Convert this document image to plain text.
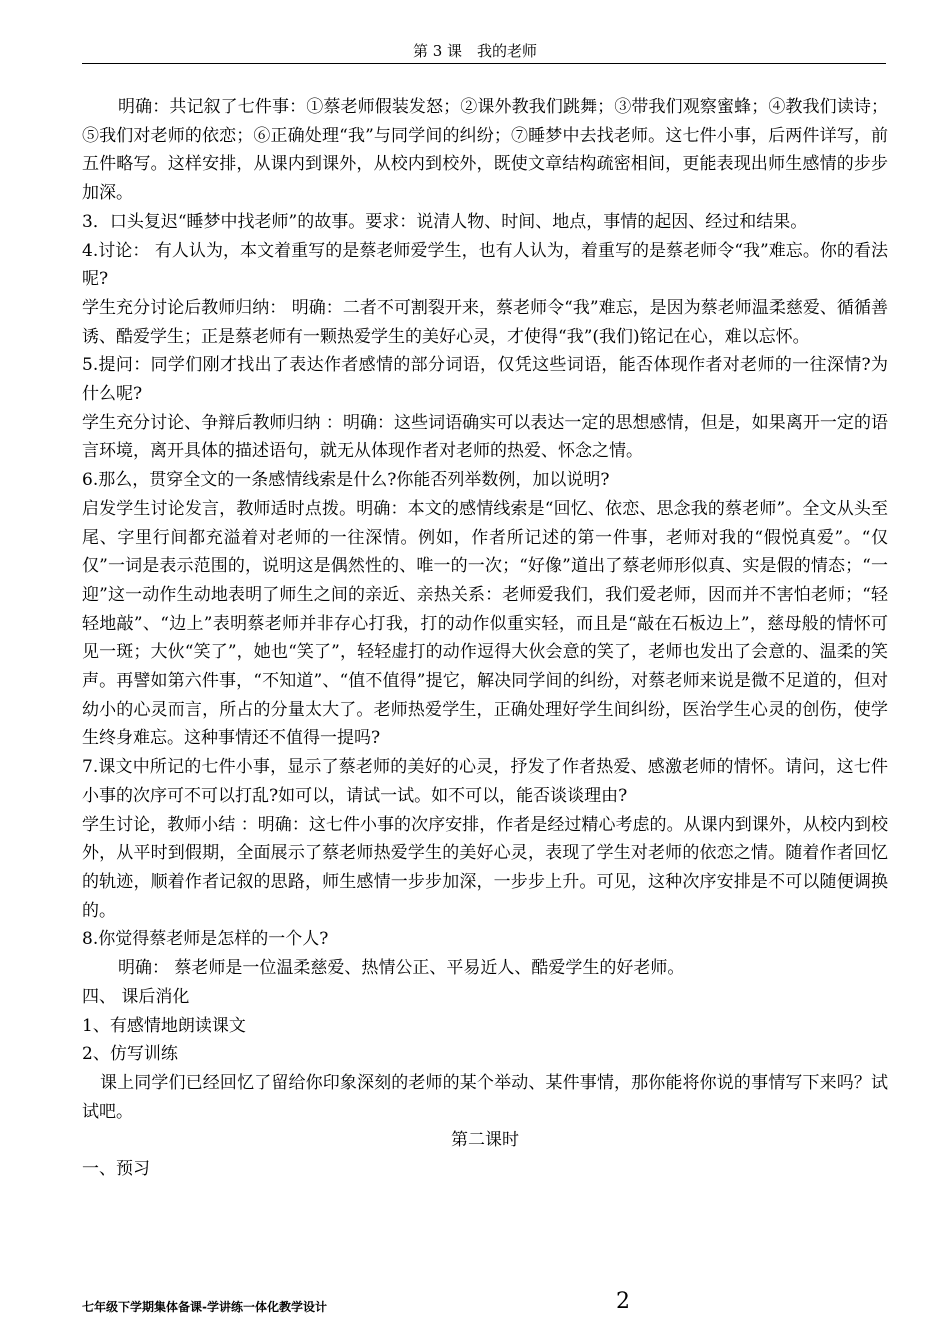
第 3 课　我的老师

明确：共记叙了七件事：①蔡老师假装发怒；②课外教我们跳舞；③带我们观察蜜蜂；④教我们读诗；⑤我们对老师的依恋；⑥正确处理“我”与同学间的纠纷；⑦睡梦中去找老师。这七件小事，后两件详写，前五件略写。这样安排，从课内到课外，从校内到校外，既使文章结构疏密相间，更能表现出师生感情的步步加深。

3．口头复迟“睡梦中找老师”的故事。要求：说清人物、时间、地点，事情的起因、经过和结果。

4.讨论： 有人认为，本文着重写的是蔡老师爱学生，也有人认为，着重写的是蔡老师令“我”难忘。你的看法呢?

学生充分讨论后教师归纳： 明确：二者不可割裂开来，蔡老师令“我”难忘，是因为蔡老师温柔慈爱、循循善诱、酷爱学生；正是蔡老师有一颗热爱学生的美好心灵，才使得“我”(我们)铭记在心，难以忘怀。

5.提问：同学们刚才找出了表达作者感情的部分词语，仅凭这些词语，能否体现作者对老师的一往深情?为什么呢?

学生充分讨论、争辩后教师归纳 ：明确：这些词语确实可以表达一定的思想感情，但是，如果离开一定的语言环境，离开具体的描述语句，就无从体现作者对老师的热爱、怀念之情。

6.那么，贯穿全文的一条感情线索是什么?你能否列举数例，加以说明?

启发学生讨论发言，教师适时点拨。明确：本文的感情线索是“回忆、依恋、思念我的蔡老师”。全文从头至尾、字里行间都充溢着对老师的一往深情。例如，作者所记述的第一件事，老师对我的“假悦真爱”。“仅仅”一词是表示范围的，说明这是偶然性的、唯一的一次；“好像”道出了蔡老师形似真、实是假的情态；“一迎”这一动作生动地表明了师生之间的亲近、亲热关系：老师爱我们，我们爱老师，因而并不害怕老师；“轻轻地敲”、“边上”表明蔡老师并非存心打我，打的动作似重实轻，而且是“敲在石板边上”，慈母般的情怀可见一斑；大伙“笑了”，她也“笑了”，轻轻虚打的动作逗得大伙会意的笑了，老师也发出了会意的、温柔的笑声。再譬如第六件事，“不知道”、“值不值得”提它，解决同学间的纠纷，对蔡老师来说是微不足道的，但对幼小的心灵而言，所占的分量太大了。老师热爱学生，正确处理好学生间纠纷，医治学生心灵的创伤，使学生终身难忘。这种事情还不值得一提吗?

7.课文中所记的七件小事，显示了蔡老师的美好的心灵，抒发了作者热爱、感激老师的情怀。请问，这七件小事的次序可不可以打乱?如可以，请试一试。如不可以，能否谈谈理由?

学生讨论，教师小结 ：明确：这七件小事的次序安排，作者是经过精心考虑的。从课内到课外，从校内到校外，从平时到假期，全面展示了蔡老师热爱学生的美好心灵，表现了学生对老师的依恋之情。随着作者回忆的轨迹，顺着作者记叙的思路，师生感情一步步加深，一步步上升。可见，这种次序安排是不可以随便调换的。

8.你觉得蔡老师是怎样的一个人?

明确： 蔡老师是一位温柔慈爱、热情公正、平易近人、酷爱学生的好老师。

四、 课后消化

1、有感情地朗读课文

2、仿写训练

课上同学们已经回忆了留给你印象深刻的老师的某个举动、某件事情，那你能将你说的事情写下来吗？试试吧。

第二课时

一、预习

七年级下学期集体备课-学讲练一体化教学设计	2
